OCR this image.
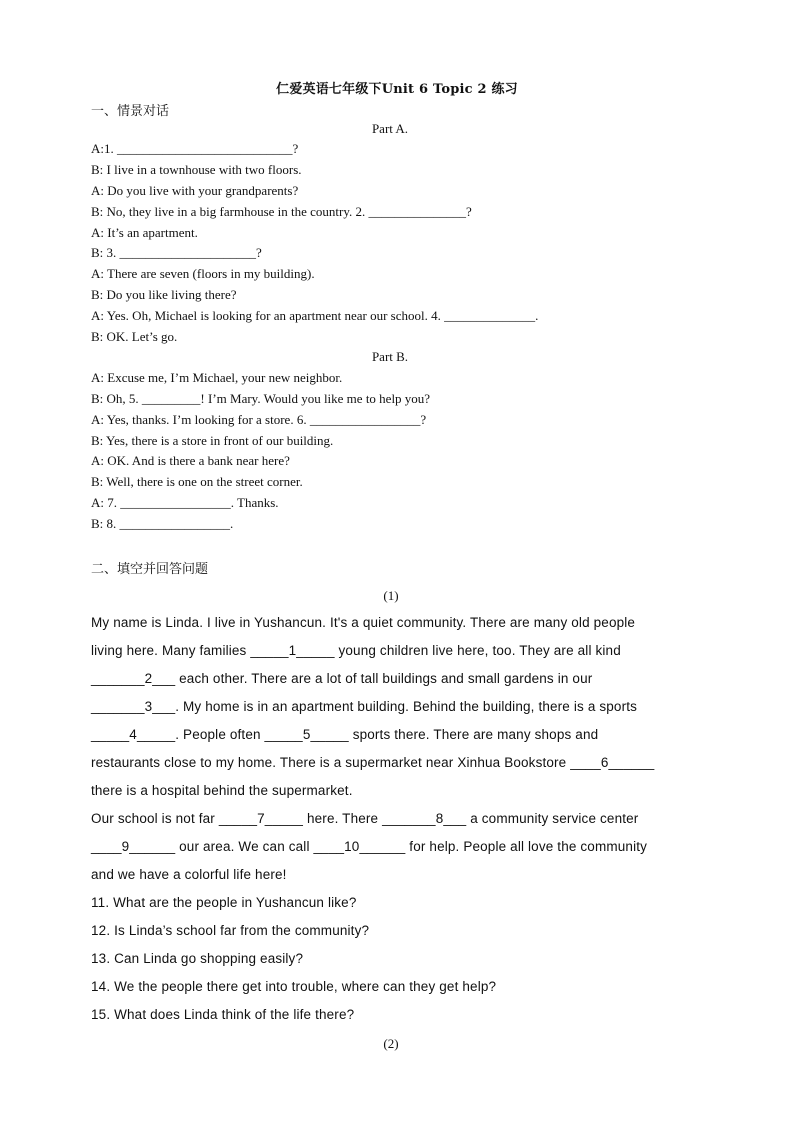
仁爱英语七年级下Unit 6 Topic 2 练习
一、情景对话
Part A.
A:1. ___________________________?
B: I live in a townhouse with two floors.
A: Do you live with your grandparents?
B: No, they live in a big farmhouse in the country. 2. _______________?
A: It’s an apartment.
B: 3. _____________________?
A: There are seven (floors in my building).
B: Do you like living there?
A: Yes. Oh, Michael is looking for an apartment near our school. 4. ______________.
B: OK. Let’s go.
Part B.
A: Excuse me, I’m Michael, your new neighbor.
B: Oh, 5. _________! I’m Mary. Would you like me to help you?
A: Yes, thanks. I’m looking for a store. 6. _________________?
B: Yes, there is a store in front of our building.
A: OK. And is there a bank near here?
B: Well, there is one on the street corner.
A: 7. _________________. Thanks.
B: 8. _________________.
二、填空并回答问题
(1)
My name is Linda. I live in Yushancun. It's a quiet community. There are many old people
living here. Many families _____1_____ young children live here, too. They are all kind
_______2___ each other. There are a lot of tall buildings and small gardens in our
_______3___. My home is in an apartment building. Behind the building, there is a sports
_____4_____. People often _____5_____ sports there. There are many shops and
restaurants close to my home. There is a supermarket near Xinhua Bookstore ____6______
there is a hospital behind the supermarket.
Our school is not far _____7_____ here. There _______8___ a community service center
____9______ our area. We can call ____10______ for help. People all love the community
and we have a colorful life here!
11. What are the people in Yushancun like?
12. Is Linda’s school far from the community?
13. Can Linda go shopping easily?
14. We the people there get into trouble, where can they get help?
15. What does Linda think of the life there?
(2)
